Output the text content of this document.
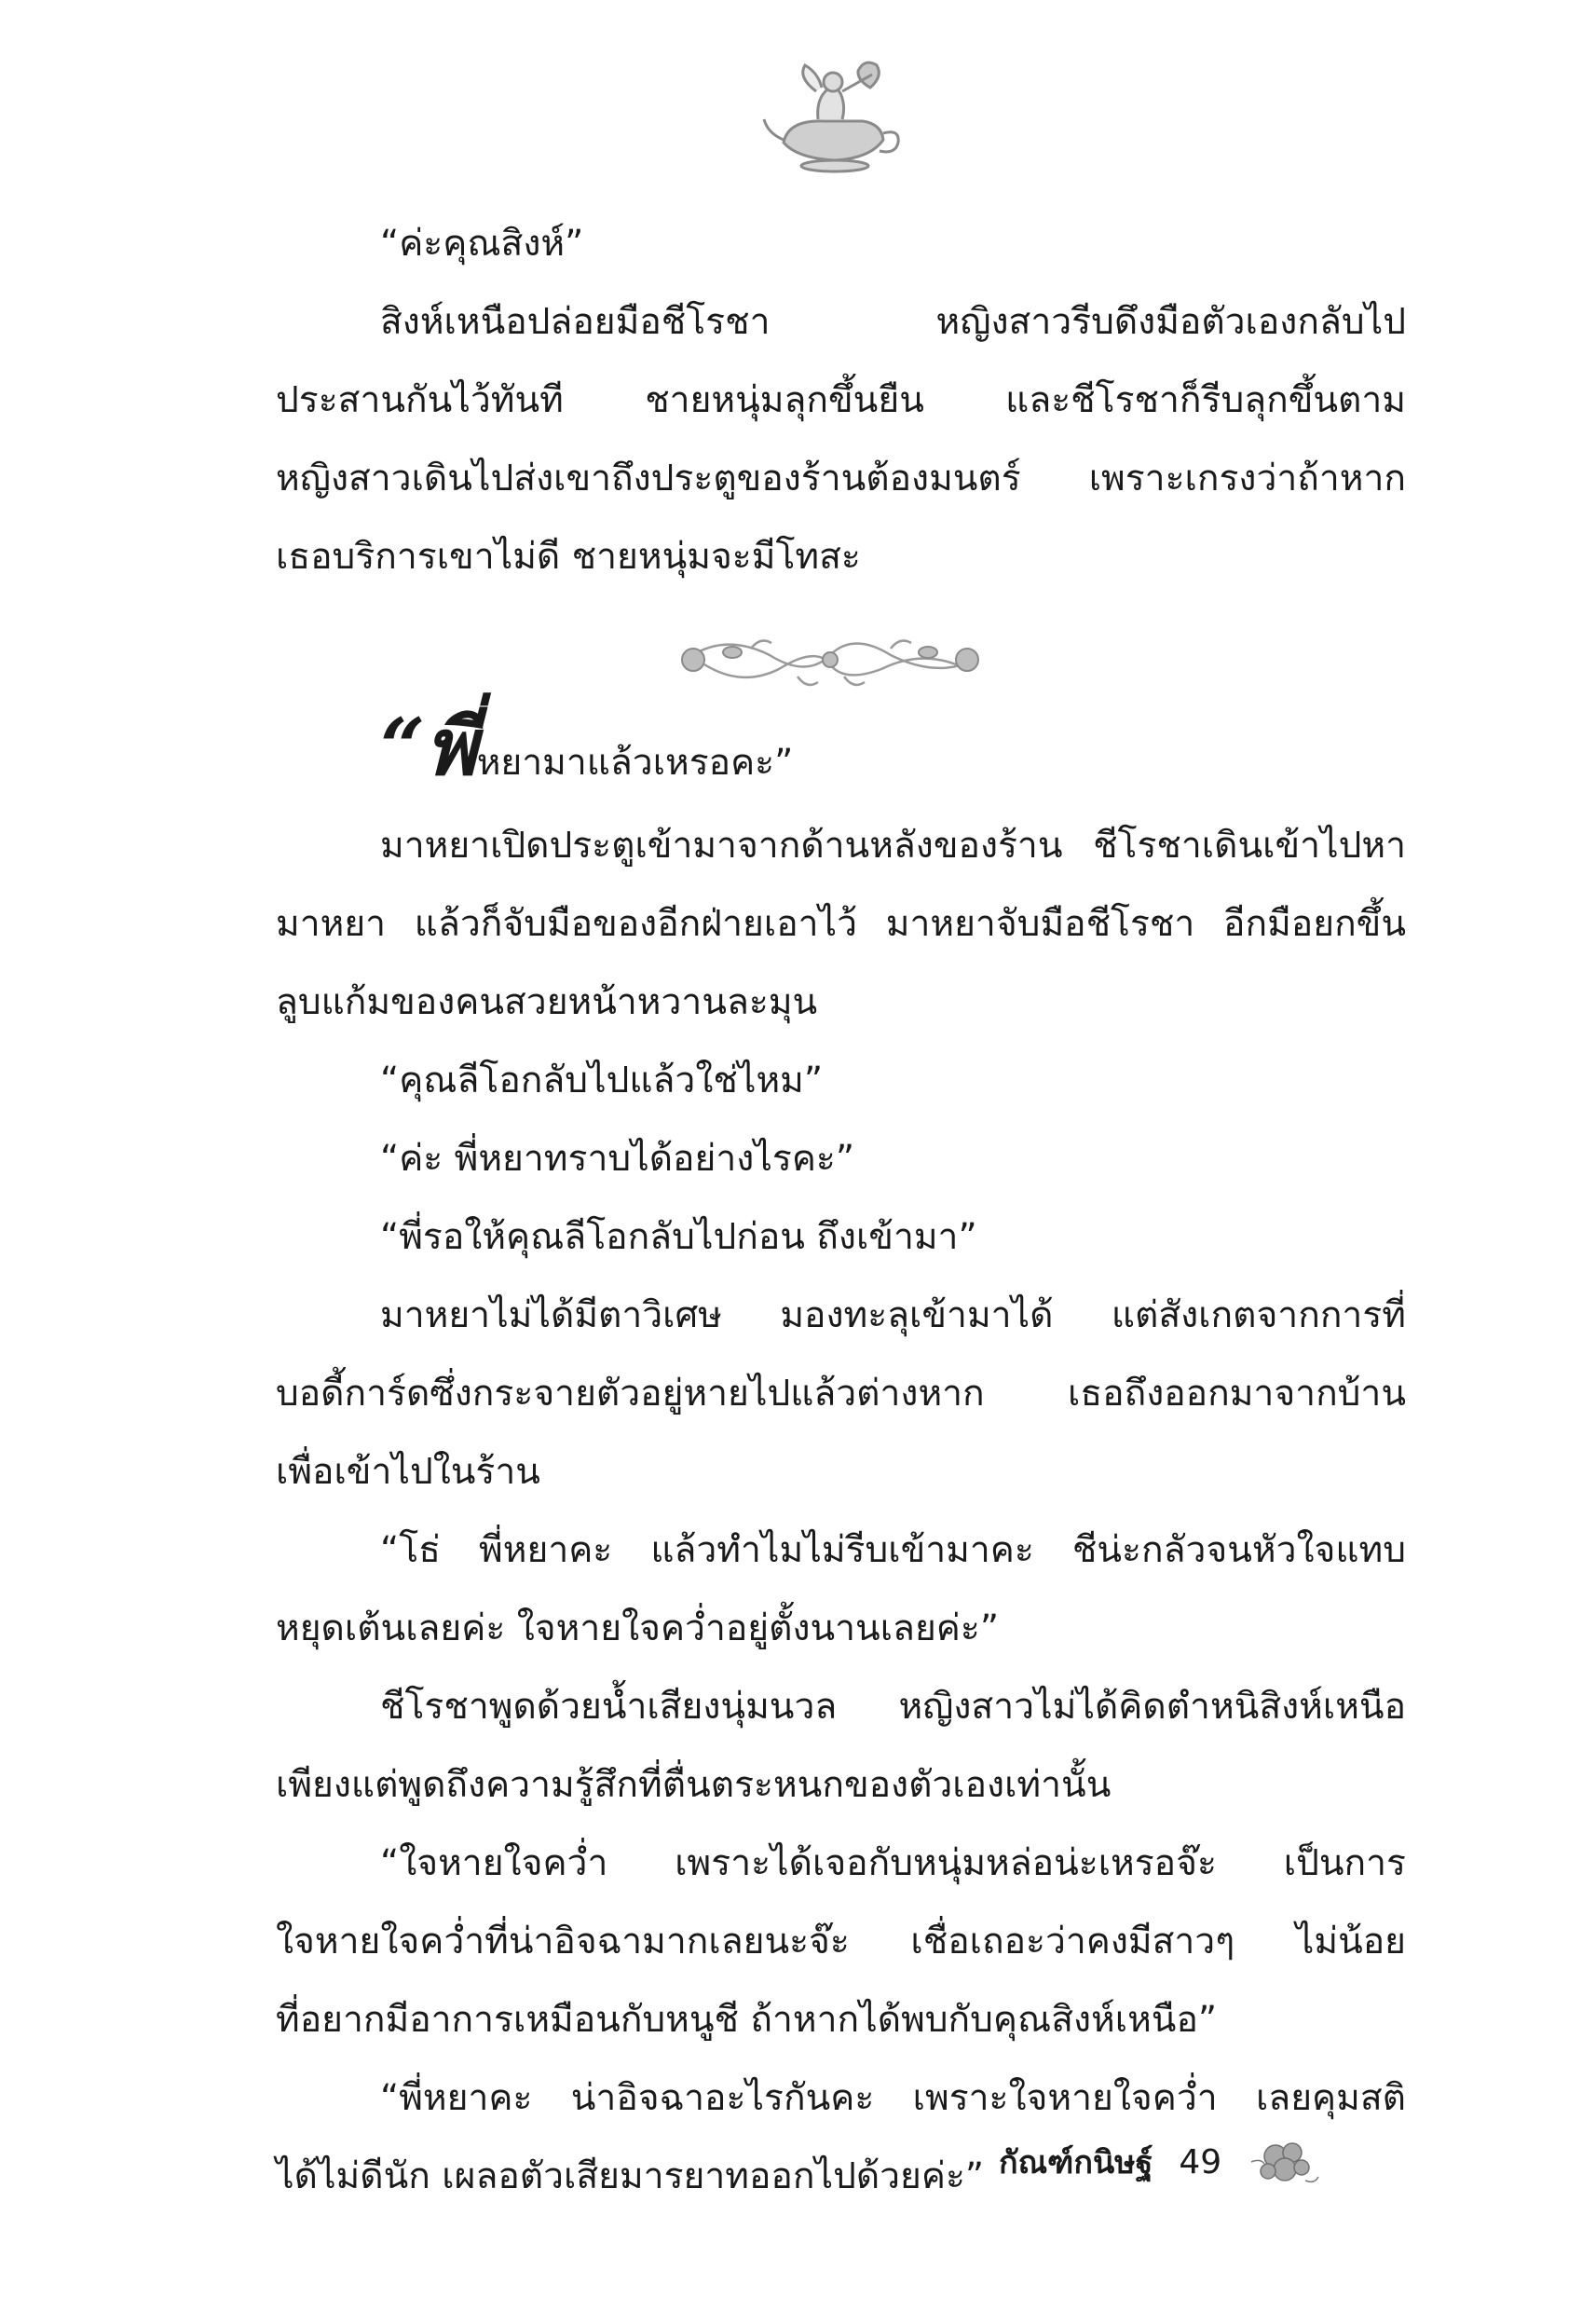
“ค่ะคุณสิงห์”
สิงห์เหนือปล่อยมือชีโรชา หญิงสาวรีบดึงมือตัวเองกลับไป
ประสานกันไว้ทันที ชายหนุ่มลุกขึ้นยืน และชีโรชาก็รีบลุกขึ้นตาม
หญิงสาวเดินไปส่งเขาถึงประตูของร้านต้องมนตร์ เพราะเกรงว่าถ้าหาก
เธอบริการเขาไม่ดี ชายหนุ่มจะมีโทสะ
“พี่หยามาแล้วเหรอคะ”
มาหยาเปิดประตูเข้ามาจากด้านหลังของร้าน ชีโรชาเดินเข้าไปหา
มาหยา แล้วก็จับมือของอีกฝ่ายเอาไว้ มาหยาจับมือชีโรชา อีกมือยกขึ้น
ลูบแก้มของคนสวยหน้าหวานละมุน
“คุณลีโอกลับไปแล้วใช่ไหม”
“ค่ะ พี่หยาทราบได้อย่างไรคะ”
“พี่รอให้คุณลีโอกลับไปก่อน ถึงเข้ามา”
มาหยาไม่ได้มีตาวิเศษ มองทะลุเข้ามาได้ แต่สังเกตจากการที่
บอดี้การ์ดซึ่งกระจายตัวอยู่หายไปแล้วต่างหาก เธอถึงออกมาจากบ้าน
เพื่อเข้าไปในร้าน
“โธ่ พี่หยาคะ แล้วทำไมไม่รีบเข้ามาคะ ชีน่ะกลัวจนหัวใจแทบ
หยุดเต้นเลยค่ะ ใจหายใจคว่ำอยู่ตั้งนานเลยค่ะ”
ชีโรชาพูดด้วยน้ำเสียงนุ่มนวล หญิงสาวไม่ได้คิดตำหนิสิงห์เหนือ
เพียงแต่พูดถึงความรู้สึกที่ตื่นตระหนกของตัวเองเท่านั้น
“ใจหายใจคว่ำ เพราะได้เจอกับหนุ่มหล่อน่ะเหรอจ๊ะ เป็นการ
ใจหายใจคว่ำที่น่าอิจฉามากเลยนะจ๊ะ เชื่อเถอะว่าคงมีสาวๆ ไม่น้อย
ที่อยากมีอาการเหมือนกับหนูชี ถ้าหากได้พบกับคุณสิงห์เหนือ”
“พี่หยาคะ น่าอิจฉาอะไรกันคะ เพราะใจหายใจคว่ำ เลยคุมสติ
ได้ไม่ดีนัก เผลอตัวเสียมารยาทออกไปด้วยค่ะ” กัณฑ์กนิษฐ์ 49
